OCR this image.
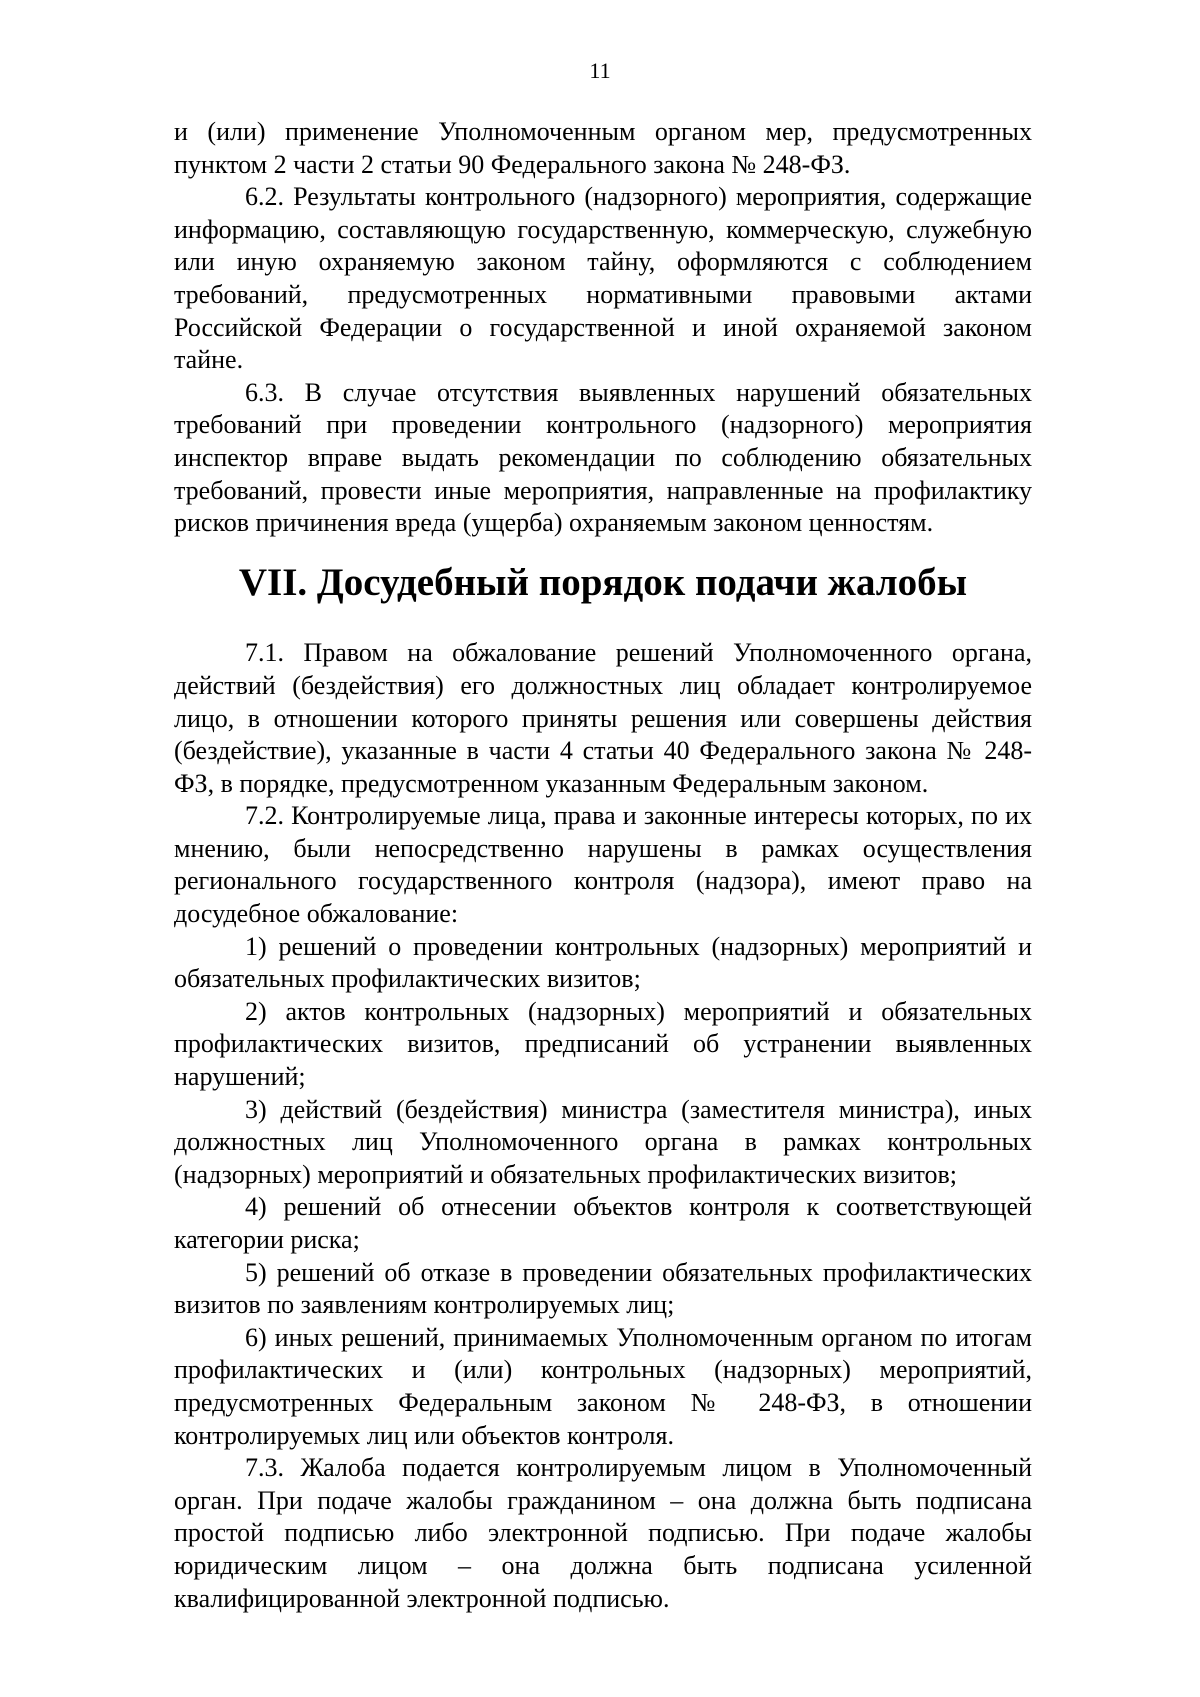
11

и (или) применение Уполномоченным органом мер, предусмотренных пунктом 2 части 2 статьи 90 Федерального закона № 248-ФЗ.

6.2. Результаты контрольного (надзорного) мероприятия, содержащие информацию, составляющую государственную, коммерческую, служебную или иную охраняемую законом тайну, оформляются с соблюдением требований, предусмотренных нормативными правовыми актами Российской Федерации о государственной и иной охраняемой законом тайне.

6.3. В случае отсутствия выявленных нарушений обязательных требований при проведении контрольного (надзорного) мероприятия инспектор вправе выдать рекомендации по соблюдению обязательных требований, провести иные мероприятия, направленные на профилактику рисков причинения вреда (ущерба) охраняемым законом ценностям.

VII. Досудебный порядок подачи жалобы

7.1. Правом на обжалование решений Уполномоченного органа, действий (бездействия) его должностных лиц обладает контролируемое лицо, в отношении которого приняты решения или совершены действия (бездействие), указанные в части 4 статьи 40 Федерального закона № 248-ФЗ, в порядке, предусмотренном указанным Федеральным законом.

7.2. Контролируемые лица, права и законные интересы которых, по их мнению, были непосредственно нарушены в рамках осуществления регионального государственного контроля (надзора), имеют право на досудебное обжалование:

1) решений о проведении контрольных (надзорных) мероприятий и обязательных профилактических визитов;

2) актов контрольных (надзорных) мероприятий и обязательных профилактических визитов, предписаний об устранении выявленных нарушений;

3) действий (бездействия) министра (заместителя министра), иных должностных лиц Уполномоченного органа в рамках контрольных (надзорных) мероприятий и обязательных профилактических визитов;

4) решений об отнесении объектов контроля к соответствующей категории риска;

5) решений об отказе в проведении обязательных профилактических визитов по заявлениям контролируемых лиц;

6) иных решений, принимаемых Уполномоченным органом по итогам профилактических и (или) контрольных (надзорных) мероприятий, предусмотренных Федеральным законом № 248-ФЗ, в отношении контролируемых лиц или объектов контроля.

7.3. Жалоба подается контролируемым лицом в Уполномоченный орган. При подаче жалобы гражданином – она должна быть подписана простой подписью либо электронной подписью. При подаче жалобы юридическим лицом – она должна быть подписана усиленной квалифицированной электронной подписью.
